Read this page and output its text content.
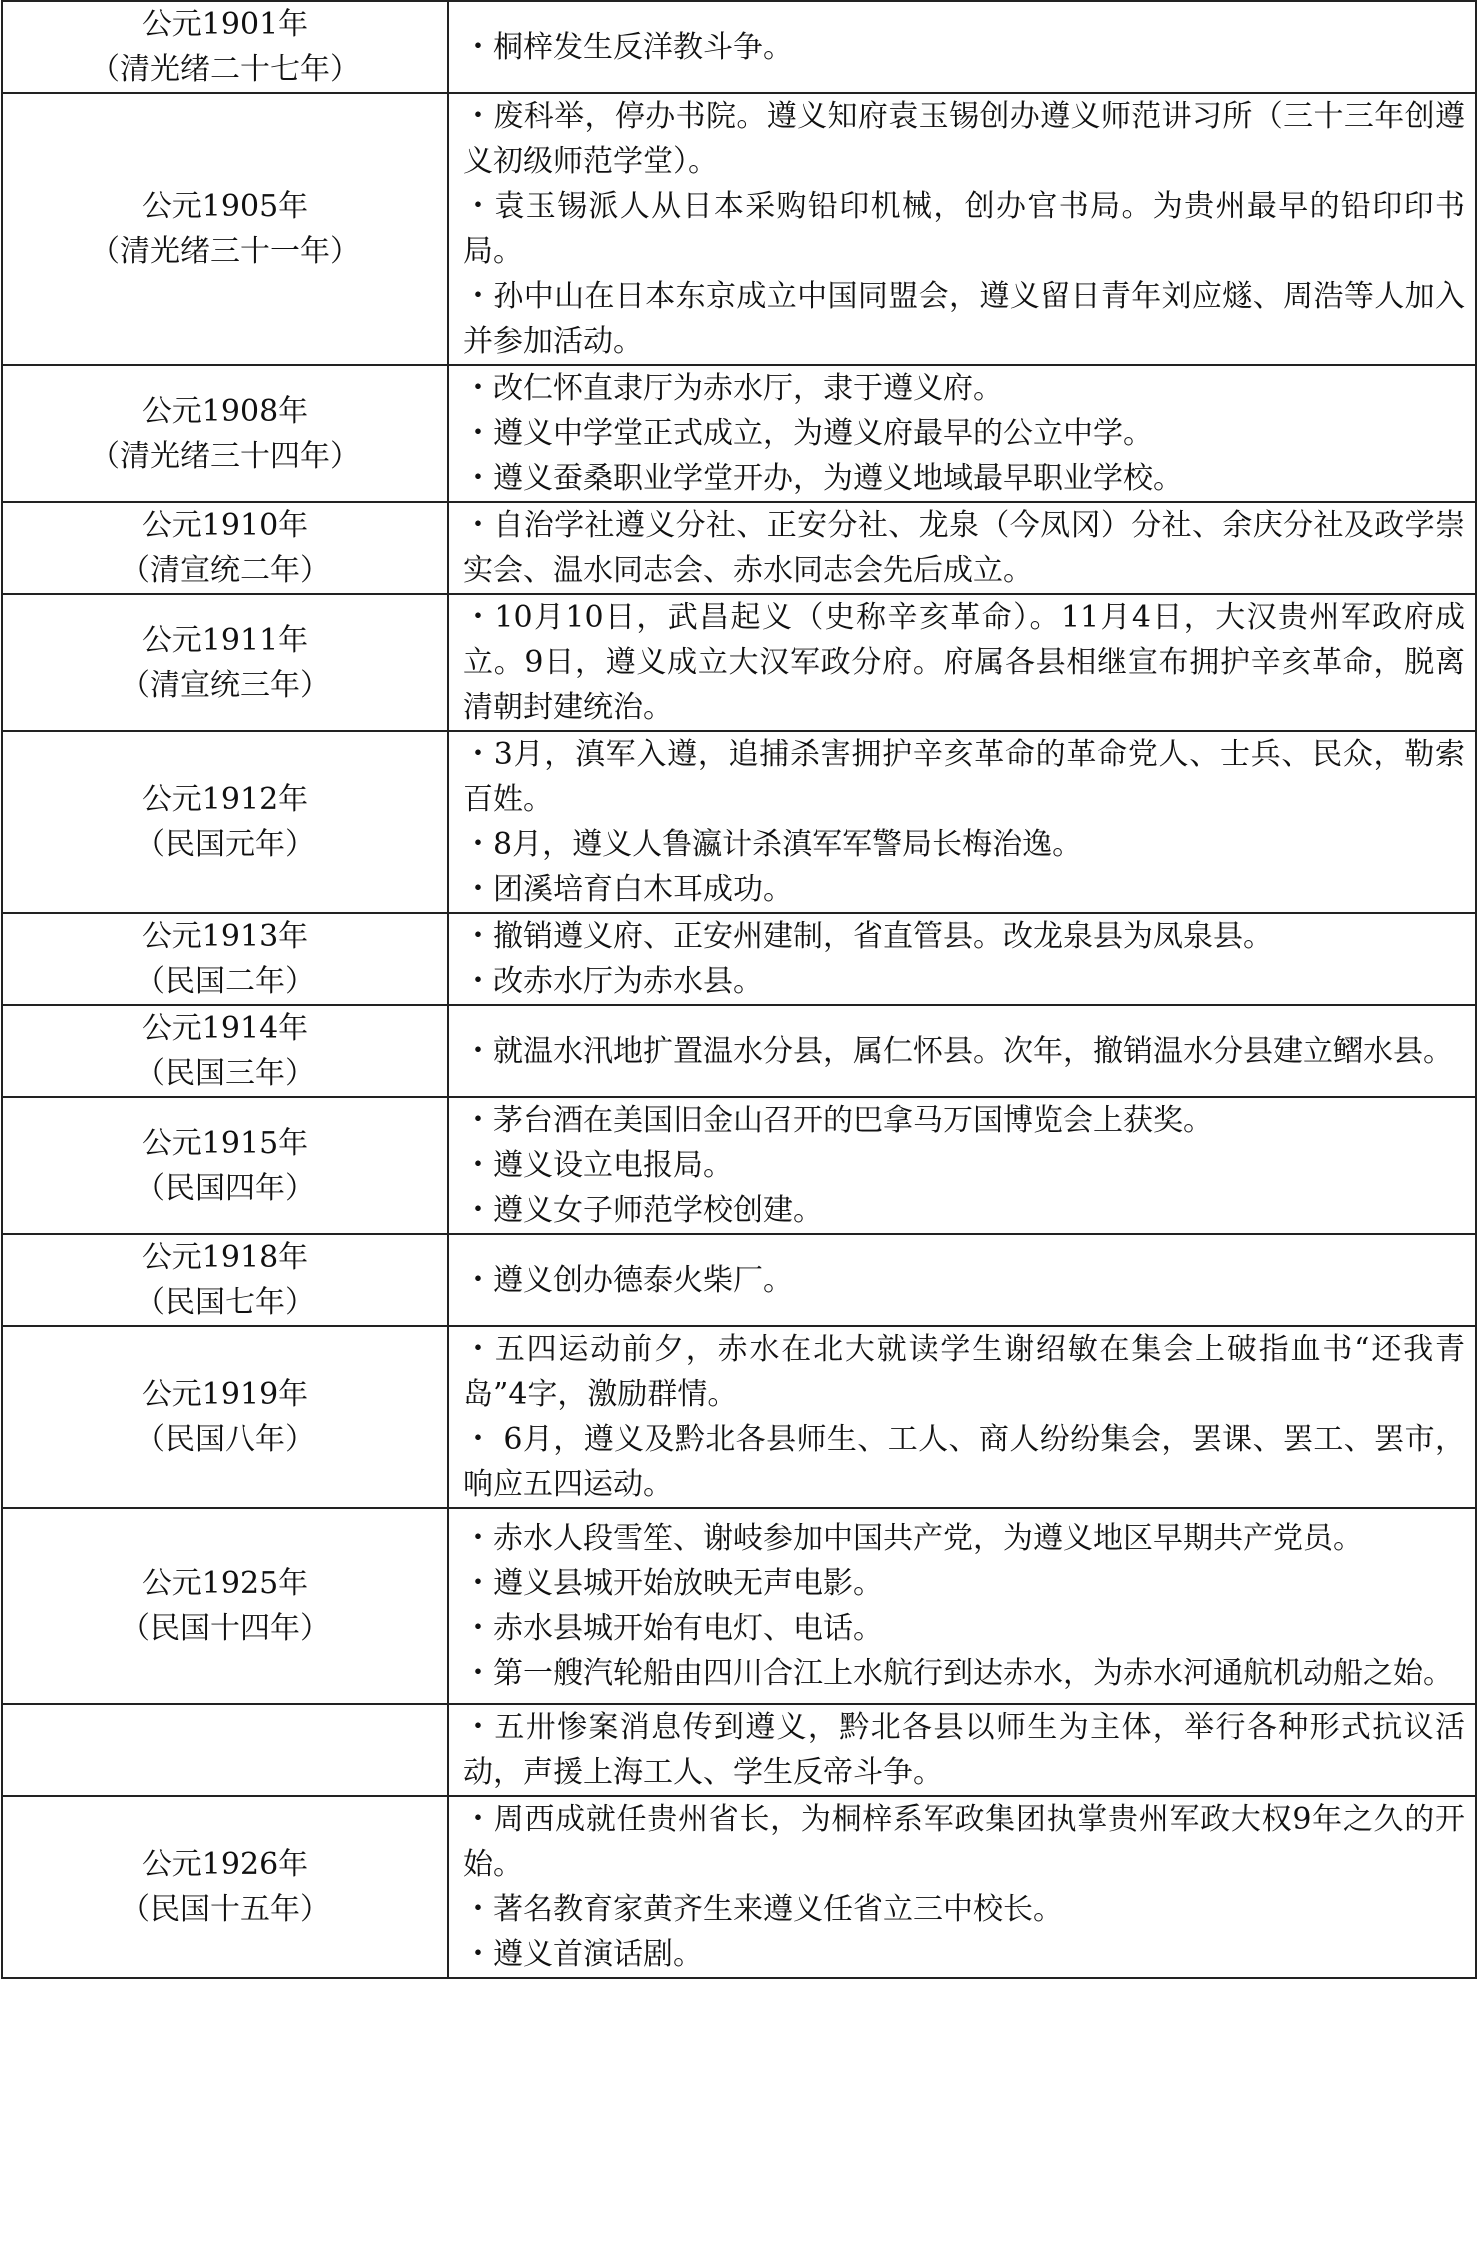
公元1901年
（清光绪二十七年）	・桐梓发生反洋教斗争。

公元1905年
（清光绪三十一年）	・废科举，停办书院。遵义知府袁玉锡创办遵义师范讲习所（三十三年创遵义初级师范学堂）。
・袁玉锡派人从日本采购铅印机械，创办官书局。为贵州最早的铅印印书局。
・孙中山在日本东京成立中国同盟会，遵义留日青年刘应燧、周浩等人加入并参加活动。

公元1908年
（清光绪三十四年）	・改仁怀直隶厅为赤水厅，隶于遵义府。
・遵义中学堂正式成立，为遵义府最早的公立中学。
・遵义蚕桑职业学堂开办，为遵义地域最早职业学校。

公元1910年
（清宣统二年）	・自治学社遵义分社、正安分社、龙泉（今凤冈）分社、余庆分社及政学崇实会、温水同志会、赤水同志会先后成立。

公元1911年
（清宣统三年）	・10月10日，武昌起义（史称辛亥革命）。11月4日，大汉贵州军政府成立。9日，遵义成立大汉军政分府。府属各县相继宣布拥护辛亥革命，脱离清朝封建统治。

公元1912年
（民国元年）	・3月，滇军入遵，追捕杀害拥护辛亥革命的革命党人、士兵、民众，勒索百姓。
・8月，遵义人鲁瀛计杀滇军军警局长梅治逸。
・团溪培育白木耳成功。

公元1913年
（民国二年）	・撤销遵义府、正安州建制，省直管县。改龙泉县为凤泉县。
・改赤水厅为赤水县。

公元1914年
（民国三年）	・就温水汛地扩置温水分县，属仁怀县。次年，撤销温水分县建立鳛水县。

公元1915年
（民国四年）	・茅台酒在美国旧金山召开的巴拿马万国博览会上获奖。
・遵义设立电报局。
・遵义女子师范学校创建。

公元1918年
（民国七年）	・遵义创办德泰火柴厂。

公元1919年
（民国八年）	・五四运动前夕，赤水在北大就读学生谢绍敏在集会上破指血书“还我青岛”4字，激励群情。
・ 6月，遵义及黔北各县师生、工人、商人纷纷集会，罢课、罢工、罢市，响应五四运动。

公元1925年
（民国十四年）	・赤水人段雪笙、谢岐参加中国共产党，为遵义地区早期共产党员。
・遵义县城开始放映无声电影。
・赤水县城开始有电灯、电话。
・第一艘汽轮船由四川合江上水航行到达赤水，为赤水河通航机动船之始。

	・五卅惨案消息传到遵义，黔北各县以师生为主体，举行各种形式抗议活动，声援上海工人、学生反帝斗争。

公元1926年
（民国十五年）	・周西成就任贵州省长，为桐梓系军政集团执掌贵州军政大权9年之久的开始。
・著名教育家黄齐生来遵义任省立三中校长。
・遵义首演话剧。
